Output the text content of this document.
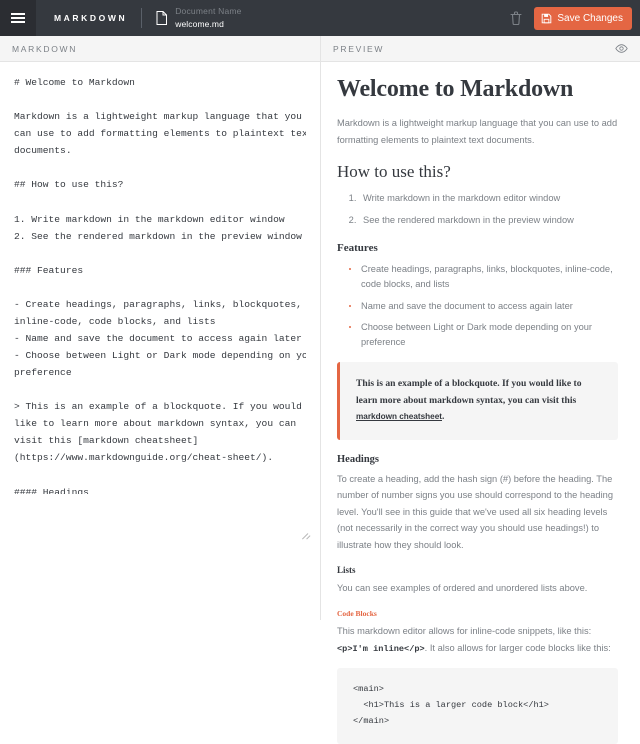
MARKDOWN
Document Name
welcome.md	Save Changes
MARKDOWN
# Welcome to Markdown Markdown is a lightweight markup language that you can use to add formatting elements to plaintext text documents. ## How to use this? 1. Write markdown in the markdown editor window 2. See the rendered markdown in the preview window ### Features - Create headings, paragraphs, links, blockquotes, inline-code, code blocks, and lists - Name and save the document to access again later - Choose between Light or Dark mode depending on your preference > This is an example of a blockquote. If you would like to learn more about markdown syntax, you can visit this [markdown cheatsheet] (https://www.markdownguide.org/cheat-sheet/). #### Headings To create a heading, add the hash sign (#) before the heading. The number of number signs you use should correspond to the heading level. You'll see in this guide that we've used all six heading levels (not necessarily in the correct way you should use headings!) to illustrate how they should look. ##### Lists You can see examples of ordered and unordered lists above.	PREVIEW
Welcome to Markdown

Markdown is a lightweight markup language that you can use to add formatting elements to plaintext text documents.

How to use this?
1. Write markdown in the markdown editor window
2. See the rendered markdown in the preview window
Features
Create headings, paragraphs, links, blockquotes, inline-code, code blocks, and lists
Name and save the document to access again later
Choose between Light or Dark mode depending on your preference

This is an example of a blockquote. If you would like to learn more about markdown syntax, you can visit this markdown cheatsheet.

Headings

To create a heading, add the hash sign (#) before the heading. The number of number signs you use should correspond to the heading level. You'll see in this guide that we've used all six heading levels (not necessarily in the correct way you should use headings!) to illustrate how they should look.

Lists

You can see examples of ordered and unordered lists above.

Code Blocks

This markdown editor allows for inline-code snippets, like this: <p>I'm inline</p>. It also allows for larger code blocks like this:

<main>
<h1>This is a larger code block</h1>
</main>
